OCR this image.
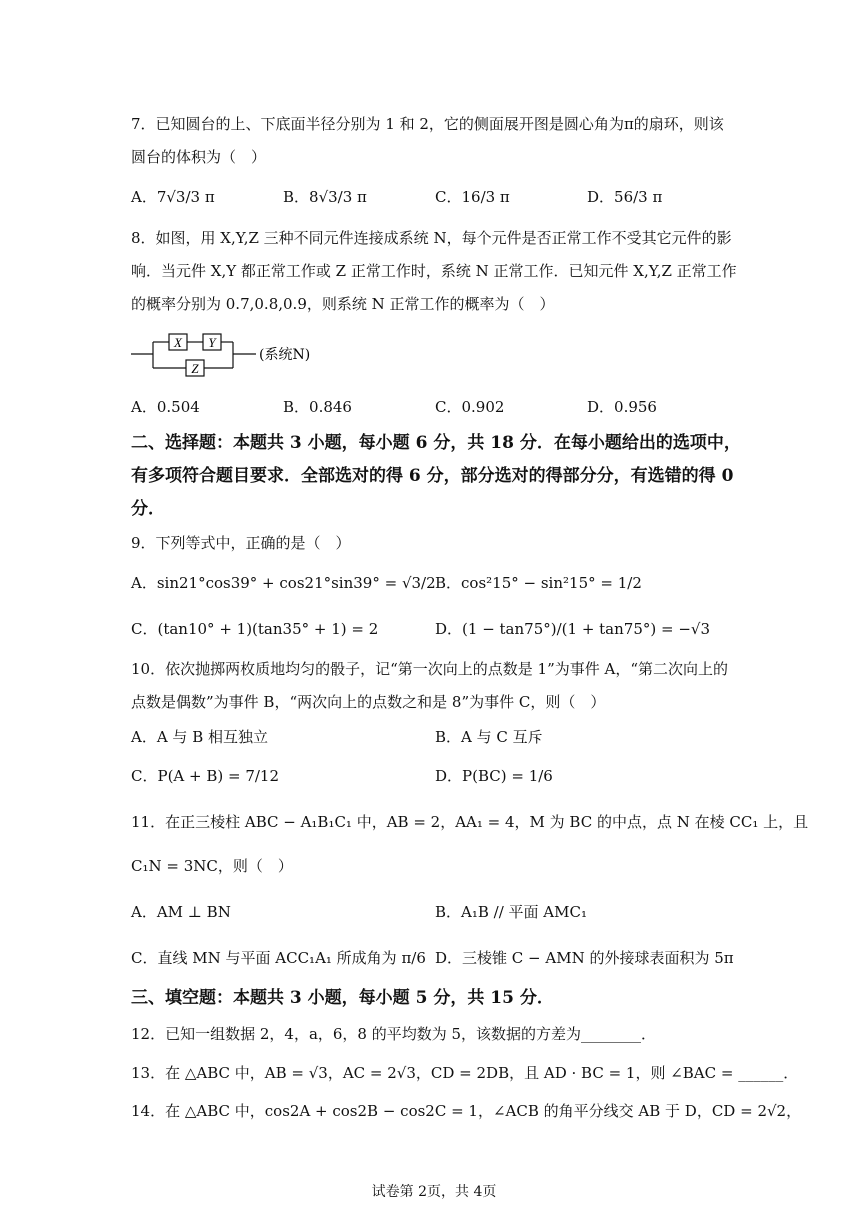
7．已知圆台的上、下底面半径分别为 1 和 2，它的侧面展开图是圆心角为π的扇环，则该
圆台的体积为（　）
A．7√3/3 π	B．8√3/3 π	C．16/3 π	D．56/3 π
8．如图，用 X,Y,Z 三种不同元件连接成系统 N，每个元件是否正常工作不受其它元件的影
响．当元件 X,Y 都正常工作或 Z 正常工作时，系统 N 正常工作．已知元件 X,Y,Z 正常工作
的概率分别为 0.7,0.8,0.9，则系统 N 正常工作的概率为（　）
X Y
Z
(系统N)
A．0.504	B．0.846	C．0.902	D．0.956
二、选择题：本题共 3 小题，每小题 6 分，共 18 分．在每小题给出的选项中，
有多项符合题目要求．全部选对的得 6 分，部分选对的得部分分，有选错的得 0
分．
9．下列等式中，正确的是（　）
A．sin21°cos39° + cos21°sin39° = √3/2 B．cos²15° − sin²15° = 1/2
C．(tan10° + 1)(tan35° + 1) = 2	D．(1 − tan75°)/(1 + tan75°) = −√3
10．依次抛掷两枚质地均匀的骰子，记“第一次向上的点数是 1”为事件 A，“第二次向上的
点数是偶数”为事件 B，“两次向上的点数之和是 8”为事件 C，则（　）
A．A 与 B 相互独立	B．A 与 C 互斥
C．P(A + B) = 7/12	D．P(BC) = 1/6
11．在正三棱柱 ABC − A₁B₁C₁ 中，AB = 2，AA₁ = 4，M 为 BC 的中点，点 N 在棱 CC₁ 上，且
C₁N = 3NC，则（　）
A．AM ⊥ BN	B．A₁B // 平面 AMC₁
C．直线 MN 与平面 ACC₁A₁ 所成角为 π/6 D．三棱锥 C − AMN 的外接球表面积为 5π
三、填空题：本题共 3 小题，每小题 5 分，共 15 分．
12．已知一组数据 2，4，a，6，8 的平均数为 5，该数据的方差为________．
13．在 △ABC 中，AB = √3，AC = 2√3，CD = 2DB，且 AD · BC = 1，则 ∠BAC = ______．
14．在 △ABC 中，cos2A + cos2B − cos2C = 1，∠ACB 的角平分线交 AB 于 D，CD = 2√2，
试卷第 2页，共 4页
